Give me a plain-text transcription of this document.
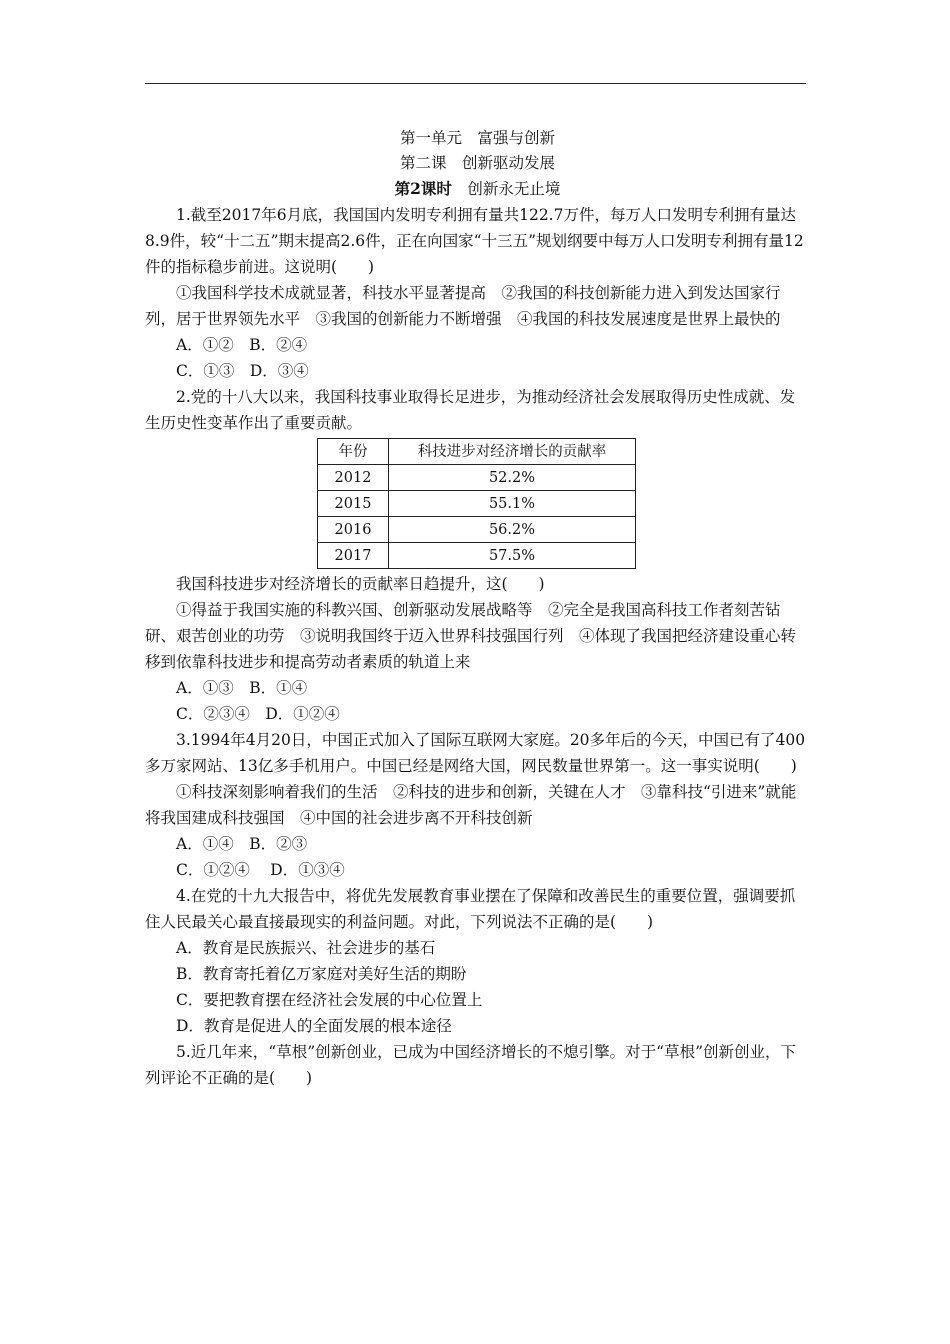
第一单元　富强与创新

第二课　创新驱动发展

第2课时　创新永无止境

1.截至2017年6月底，我国国内发明专利拥有量共122.7万件，每万人口发明专利拥有量达8.9件，较“十二五”期末提高2.6件，正在向国家“十三五”规划纲要中每万人口发明专利拥有量12件的指标稳步前进。这说明(　　)

①我国科学技术成就显著，科技水平显著提高　②我国的科技创新能力进入到发达国家行列，居于世界领先水平　③我国的创新能力不断增强　④我国的科技发展速度是世界上最快的

A．①②　B．②④

C．①③　D．③④

2.党的十八大以来，我国科技事业取得长足进步，为推动经济社会发展取得历史性成就、发生历史性变革作出了重要贡献。

年份	科技进步对经济增长的贡献率
2012	52.2%
2015	55.1%
2016	56.2%
2017	57.5%

我国科技进步对经济增长的贡献率日趋提升，这(　　)

①得益于我国实施的科教兴国、创新驱动发展战略等　②完全是我国高科技工作者刻苦钻研、艰苦创业的功劳　③说明我国终于迈入世界科技强国行列　④体现了我国把经济建设重心转移到依靠科技进步和提高劳动者素质的轨道上来

A．①③　B．①④

C．②③④　D．①②④

3.1994年4月20日，中国正式加入了国际互联网大家庭。20多年后的今天，中国已有了400多万家网站、13亿多手机用户。中国已经是网络大国，网民数量世界第一。这一事实说明(　　)

①科技深刻影响着我们的生活　②科技的进步和创新，关键在人才　③靠科技“引进来”就能将我国建成科技强国　④中国的社会进步离不开科技创新

A．①④　B．②③

C．①②④　 D．①③④

4.在党的十九大报告中，将优先发展教育事业摆在了保障和改善民生的重要位置，强调要抓住人民最关心最直接最现实的利益问题。对此，下列说法不正确的是(　　)

A．教育是民族振兴、社会进步的基石

B．教育寄托着亿万家庭对美好生活的期盼

C．要把教育摆在经济社会发展的中心位置上

D．教育是促进人的全面发展的根本途径

5.近几年来，“草根”创新创业，已成为中国经济增长的不熄引擎。对于“草根”创新创业，下列评论不正确的是(　　)
